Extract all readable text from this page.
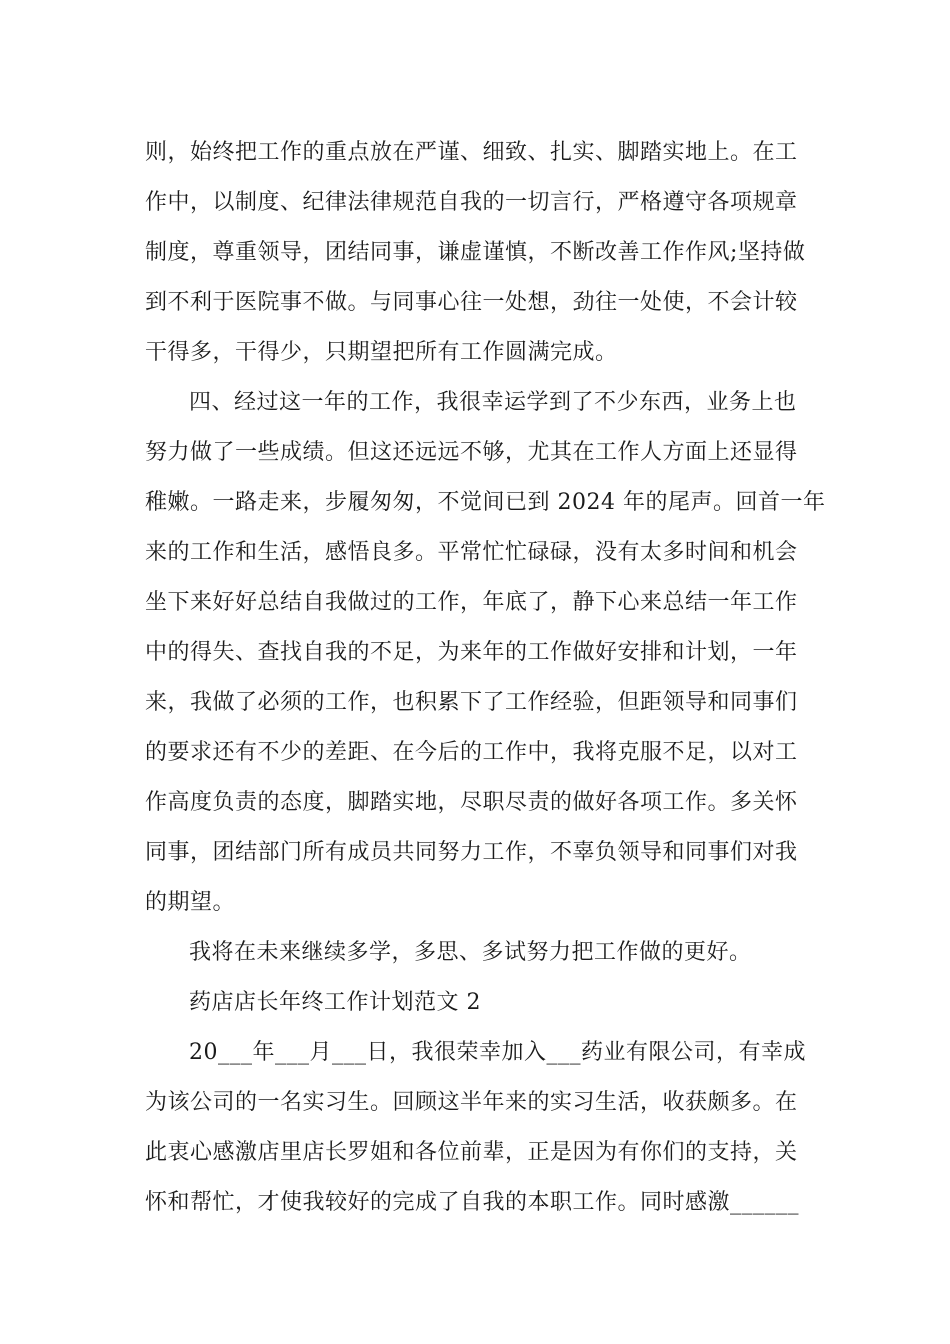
则，始终把工作的重点放在严谨、细致、扎实、脚踏实地上。在工
作中，以制度、纪律法律规范自我的一切言行，严格遵守各项规章
制度，尊重领导，团结同事，谦虚谨慎，不断改善工作作风;坚持做
到不利于医院事不做。与同事心往一处想，劲往一处使，不会计较
干得多，干得少，只期望把所有工作圆满完成。
四、经过这一年的工作，我很幸运学到了不少东西，业务上也
努力做了一些成绩。但这还远远不够，尤其在工作人方面上还显得
稚嫩。一路走来，步履匆匆，不觉间已到 2024 年的尾声。回首一年
来的工作和生活，感悟良多。平常忙忙碌碌，没有太多时间和机会
坐下来好好总结自我做过的工作，年底了，静下心来总结一年工作
中的得失、查找自我的不足，为来年的工作做好安排和计划，一年
来，我做了必须的工作，也积累下了工作经验，但距领导和同事们
的要求还有不少的差距、在今后的工作中，我将克服不足，以对工
作高度负责的态度，脚踏实地，尽职尽责的做好各项工作。多关怀
同事，团结部门所有成员共同努力工作，不辜负领导和同事们对我
的期望。
我将在未来继续多学，多思、多试努力把工作做的更好。
药店店长年终工作计划范文 2
20___年___月___日，我很荣幸加入___药业有限公司，有幸成
为该公司的一名实习生。回顾这半年来的实习生活，收获颇多。在
此衷心感激店里店长罗姐和各位前辈，正是因为有你们的支持，关
怀和帮忙，才使我较好的完成了自我的本职工作。同时感激______
